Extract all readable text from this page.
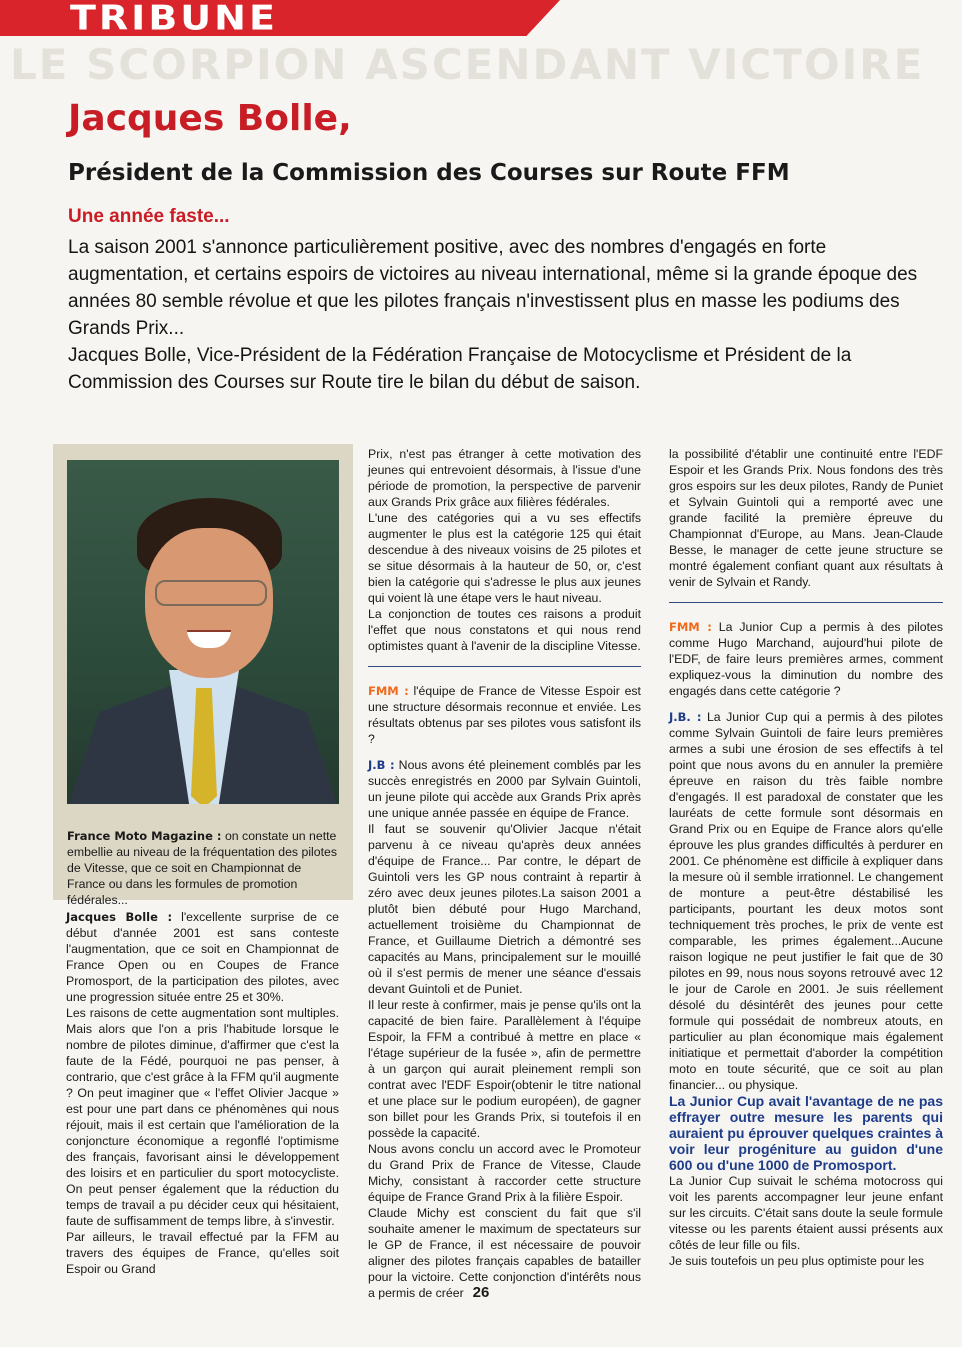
TRIBUNE
LE SCORPION ASCENDANT VICTOIRE
Jacques Bolle,
Président de la Commission des Courses sur Route FFM
Une année faste...

La saison 2001 s'annonce particulièrement positive, avec des nombres d'engagés en forte augmentation, et certains espoirs de victoires au niveau international, même si la grande époque des années 80 semble révolue et que les pilotes français n'investissent plus en masse les podiums des Grands Prix...

Jacques Bolle, Vice-Président de la Fédération Française de Motocyclisme et Président de la Commission des Courses sur Route tire le bilan du début de saison.

France Moto Magazine : on constate un nette embellie au niveau de la fréquentation des pilotes de Vitesse, que ce soit en Championnat de France ou dans les formules de promotion fédérales...

Jacques Bolle : l'excellente surprise de ce début d'année 2001 est sans conteste l'augmentation, que ce soit en Championnat de France Open ou en Coupes de France Promosport, de la participation des pilotes, avec une progression située entre 25 et 30%.

Les raisons de cette augmentation sont multiples. Mais alors que l'on a pris l'habitude lorsque le nombre de pilotes diminue, d'affirmer que c'est la faute de la Fédé, pourquoi ne pas penser, à contrario, que c'est grâce à la FFM qu'il augmente ? On peut imaginer que « l'effet Olivier Jacque » est pour une part dans ce phénomènes qui nous réjouit, mais il est certain que l'amélioration de la conjoncture économique a regonflé l'optimisme des français, favorisant ainsi le développement des loisirs et en particulier du sport motocycliste. On peut penser également que la réduction du temps de travail a pu décider ceux qui hésitaient, faute de suffisamment de temps libre, à s'investir.

Par ailleurs, le travail effectué par la FFM au travers des équipes de France, qu'elles soit Espoir ou Grand

Prix, n'est pas étranger à cette motivation des jeunes qui entrevoient désormais, à l'issue d'une période de promotion, la perspective de parvenir aux Grands Prix grâce aux filières fédérales.

L'une des catégories qui a vu ses effectifs augmenter le plus est la catégorie 125 qui était descendue à des niveaux voisins de 25 pilotes et se situe désormais à la hauteur de 50, or, c'est bien la catégorie qui s'adresse le plus aux jeunes qui voient là une étape vers le haut niveau.

La conjonction de toutes ces raisons a produit l'effet que nous constatons et qui nous rend optimistes quant à l'avenir de la discipline Vitesse.

FMM : l'équipe de France de Vitesse Espoir est une structure désormais reconnue et enviée. Les résultats obtenus par ses pilotes vous satisfont ils ?

J.B : Nous avons été pleinement comblés par les succès enregistrés en 2000 par Sylvain Guintoli, un jeune pilote qui accède aux Grands Prix après une unique année passée en équipe de France.

Il faut se souvenir qu'Olivier Jacque n'était parvenu à ce niveau qu'après deux années d'équipe de France... Par contre, le départ de Guintoli vers les GP nous contraint à repartir à zéro avec deux jeunes pilotes.La saison 2001 a plutôt bien débuté pour Hugo Marchand, actuellement troisième du Championnat de France, et Guillaume Dietrich a démontré ses capacités au Mans, principalement sur le mouillé où il s'est permis de mener une séance d'essais devant Guintoli et de Puniet.

Il leur reste à confirmer, mais je pense qu'ils ont la capacité de bien faire. Parallèlement à l'équipe Espoir, la FFM a contribué à mettre en place « l'étage supérieur de la fusée », afin de permettre à un garçon qui aurait pleinement rempli son contrat avec l'EDF Espoir(obtenir le titre national et une place sur le podium européen), de gagner son billet pour les Grands Prix, si toutefois il en possède la capacité.

Nous avons conclu un accord avec le Promoteur du Grand Prix de France de Vitesse, Claude Michy, consistant à raccorder cette structure équipe de France Grand Prix à la filière Espoir.

Claude Michy est conscient du fait que s'il souhaite amener le maximum de spectateurs sur le GP de France, il est nécessaire de pouvoir aligner des pilotes français capables de batailler pour la victoire. Cette conjonction d'intérêts nous a permis de créer

la possibilité d'établir une continuité entre l'EDF Espoir et les Grands Prix. Nous fondons des très gros espoirs sur les deux pilotes, Randy de Puniet et Sylvain Guintoli qui a remporté avec une grande facilité la première épreuve du Championnat d'Europe, au Mans. Jean-Claude Besse, le manager de cette jeune structure se montré également confiant quant aux résultats à venir de Sylvain et Randy.

FMM : La Junior Cup a permis à des pilotes comme Hugo Marchand, aujourd'hui pilote de l'EDF, de faire leurs premières armes, comment expliquez-vous la diminution du nombre des engagés dans cette catégorie ?

J.B. : La Junior Cup qui a permis à des pilotes comme Sylvain Guintoli de faire leurs premières armes a subi une érosion de ses effectifs à tel point que nous avons du en annuler la première épreuve en raison du très faible nombre d'engagés. Il est paradoxal de constater que les lauréats de cette formule sont désormais en Grand Prix ou en Equipe de France alors qu'elle éprouve les plus grandes difficultés à perdurer en 2001. Ce phénomène est difficile à expliquer dans la mesure où il semble irrationnel. Le changement de monture a peut-être déstabilisé les participants, pourtant les deux motos sont techniquement très proches, le prix de vente est comparable, les primes également...Aucune raison logique ne peut justifier le fait que de 30 pilotes en 99, nous nous soyons retrouvé avec 12 le jour de Carole en 2001. Je suis réellement désolé du désintérêt des jeunes pour cette formule qui possédait de nombreux atouts, en particulier au plan économique mais également initiatique et permettait d'aborder la compétition moto en toute sécurité, que ce soit au plan financier... ou physique.

La Junior Cup avait l'avantage de ne pas effrayer outre mesure les parents qui auraient pu éprouver quelques craintes à voir leur progéniture au guidon d'une 600 ou d'une 1000 de Promosport.

La Junior Cup suivait le schéma motocross qui voit les parents accompagner leur jeune enfant sur les circuits. C'était sans doute la seule formule vitesse ou les parents étaient aussi présents aux côtés de leur fille ou fils.

Je suis toutefois un peu plus optimiste pour les

26
